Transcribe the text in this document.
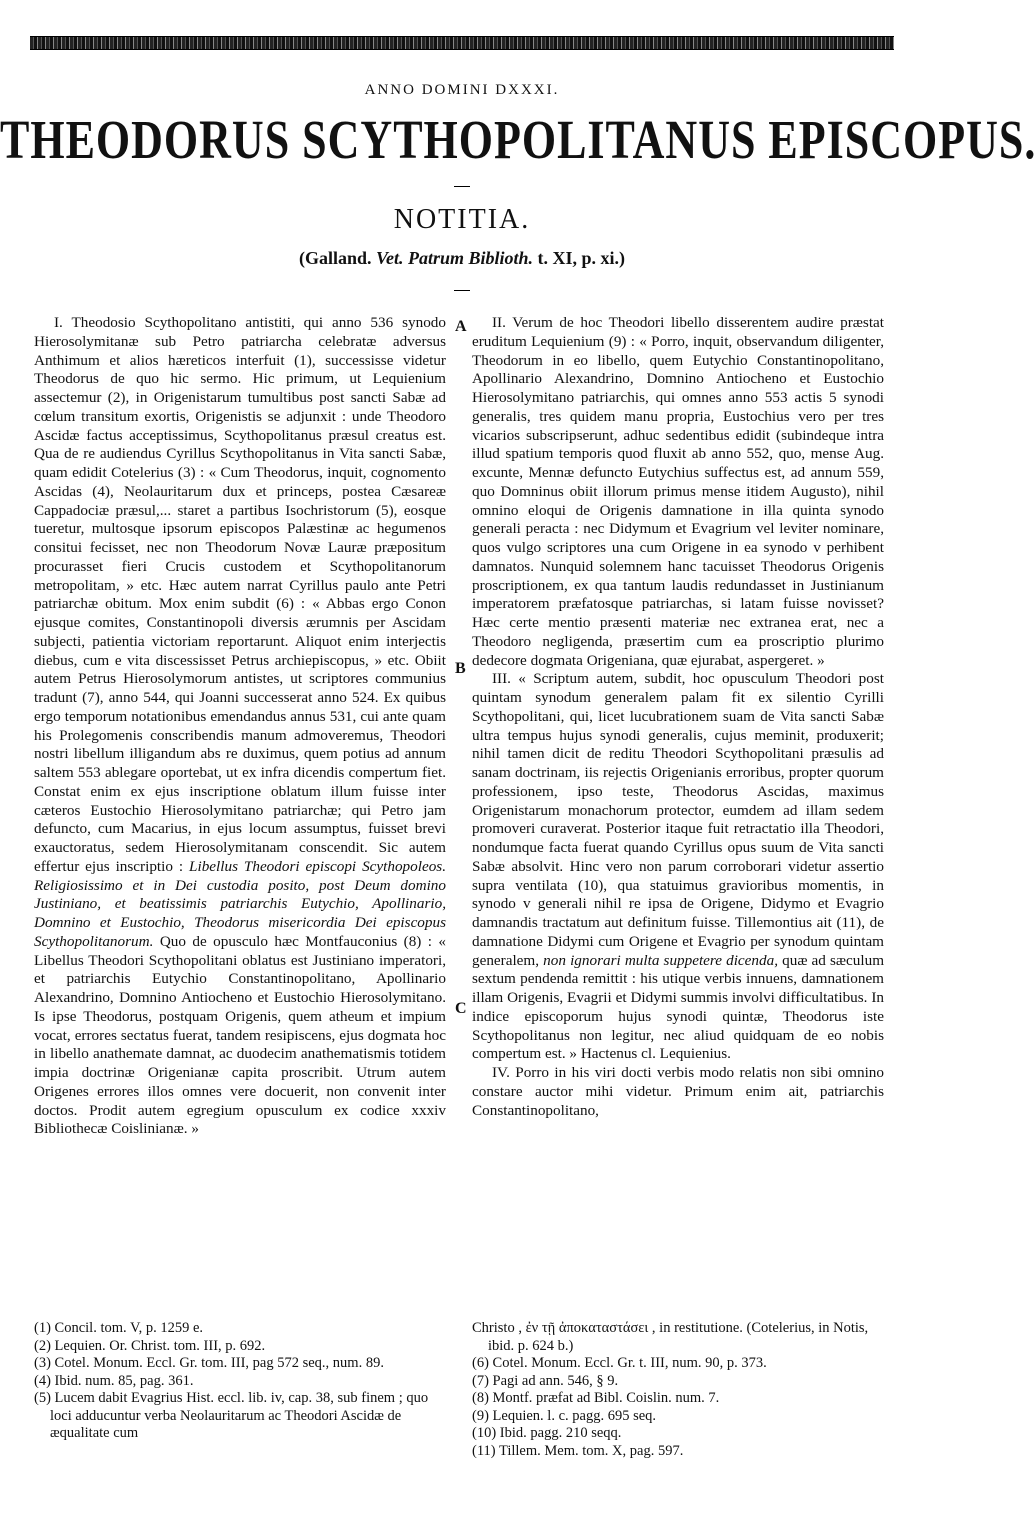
ANNO DOMINI DXXXI.
THEODORUS SCYTHOPOLITANUS EPISCOPUS.
NOTITIA.
(Galland. Vet. Patrum Biblioth. t. XI, p. xi.)

I. Theodosio Scythopolitano antistiti, qui anno 536 synodo Hierosolymitanæ sub Petro patriarcha celebratæ adversus Anthimum et alios hæreticos interfuit (1), successisse videtur Theodorus de quo hic sermo. Hic primum, ut Lequienium assectemur (2), in Origenistarum tumultibus post sancti Sabæ ad cœlum transitum exortis, Origenistis se adjunxit : unde Theodoro Ascidæ factus acceptissimus, Scythopolitanus præsul creatus est. Qua de re audiendus Cyrillus Scythopolitanus in Vita sancti Sabæ, quam edidit Cotelerius (3) : « Cum Theodorus, inquit, cognomento Ascidas (4), Neolauritarum dux et princeps, postea Cæsareæ Cappadociæ præsul,... staret a partibus Isochristorum (5), eosque tueretur, multosque ipsorum episcopos Palæstinæ ac hegumenos consitui fecisset, nec non Theodorum Novæ Lauræ præpositum procurasset fieri Crucis custodem et Scythopolitanorum metropolitam, » etc. Hæc autem narrat Cyrillus paulo ante Petri patriarchæ obitum. Mox enim subdit (6) : « Abbas ergo Conon ejusque comites, Constantinopoli diversis ærumnis per Ascidam subjecti, patientia victoriam reportarunt. Aliquot enim interjectis diebus, cum e vita discessisset Petrus archiepiscopus, » etc. Obiit autem Petrus Hierosolymorum antistes, ut scriptores communius tradunt (7), anno 544, qui Joanni successerat anno 524. Ex quibus ergo temporum notationibus emendandus annus 531, cui ante quam his Prolegomenis conscribendis manum admoveremus, Theodori nostri libellum illigandum abs re duximus, quem potius ad annum saltem 553 ablegare oportebat, ut ex infra dicendis compertum fiet. Constat enim ex ejus inscriptione oblatum illum fuisse inter cæteros Eustochio Hierosolymitano patriarchæ; qui Petro jam defuncto, cum Macarius, in ejus locum assumptus, fuisset brevi exauctoratus, sedem Hierosolymitanam conscendit. Sic autem effertur ejus inscriptio : Libellus Theodori episcopi Scythopoleos. Religiosissimo et in Dei custodia posito, post Deum domino Justiniano, et beatissimis patriarchis Eutychio, Apollinario, Domnino et Eustochio, Theodorus misericordia Dei episcopus Scythopolitanorum. Quo de opusculo hæc Montfauconius (8) : « Libellus Theodori Scythopolitani oblatus est Justiniano imperatori, et patriarchis Eutychio Constantinopolitano, Apollinario Alexandrino, Domnino Antiocheno et Eustochio Hierosolymitano. Is ipse Theodorus, postquam Origenis, quem atheum et impium vocat, errores sectatus fuerat, tandem resipiscens, ejus dogmata hoc in libello anathemate damnat, ac duodecim anathematismis totidem impia doctrinæ Origenianæ capita proscribit. Utrum autem Origenes errores illos omnes vere docuerit, non convenit inter doctos. Prodit autem egregium opusculum ex codice xxxiv Bibliothecæ Coislinianæ. »

A
B
C

II. Verum de hoc Theodori libello disserentem audire præstat eruditum Lequienium (9) : « Porro, inquit, observandum diligenter, Theodorum in eo libello, quem Eutychio Constantinopolitano, Apollinario Alexandrino, Domnino Antiocheno et Eustochio Hierosolymitano patriarchis, qui omnes anno 553 actis 5 synodi generalis, tres quidem manu propria, Eustochius vero per tres vicarios subscripserunt, adhuc sedentibus edidit (subindeque intra illud spatium temporis quod fluxit ab anno 552, quo, mense Aug. excunte, Mennæ defuncto Eutychius suffectus est, ad annum 559, quo Domninus obiit illorum primus mense itidem Augusto), nihil omnino eloqui de Origenis damnatione in illa quinta synodo generali peracta : nec Didymum et Evagrium vel leviter nominare, quos vulgo scriptores una cum Origene in ea synodo v perhibent damnatos. Nunquid solemnem hanc tacuisset Theodorus Origenis proscriptionem, ex qua tantum laudis redundasset in Justinianum imperatorem præfatosque patriarchas, si latam fuisse novisset? Hæc certe mentio præsenti materiæ nec extranea erat, nec a Theodoro negligenda, præsertim cum ea proscriptio plurimo dedecore dogmata Origeniana, quæ ejurabat, aspergeret. »

III. « Scriptum autem, subdit, hoc opusculum Theodori post quintam synodum generalem palam fit ex silentio Cyrilli Scythopolitani, qui, licet lucubrationem suam de Vita sancti Sabæ ultra tempus hujus synodi generalis, cujus meminit, produxerit; nihil tamen dicit de reditu Theodori Scythopolitani præsulis ad sanam doctrinam, iis rejectis Origenianis erroribus, propter quorum professionem, ipso teste, Theodorus Ascidas, maximus Origenistarum monachorum protector, eumdem ad illam sedem promoveri curaverat. Posterior itaque fuit retractatio illa Theodori, nondumque facta fuerat quando Cyrillus opus suum de Vita sancti Sabæ absolvit. Hinc vero non parum corroborari videtur assertio supra ventilata (10), qua statuimus gravioribus momentis, in synodo v generali nihil re ipsa de Origene, Didymo et Evagrio damnandis tractatum aut definitum fuisse. Tillemontius ait (11), de damnatione Didymi cum Origene et Evagrio per synodum quintam generalem, non ignorari multa suppetere dicenda, quæ ad sæculum sextum pendenda remittit : his utique verbis innuens, damnationem illam Origenis, Evagrii et Didymi summis involvi difficultatibus. In indice episcoporum hujus synodi quintæ, Theodorus iste Scythopolitanus non legitur, nec aliud quidquam de eo nobis compertum est. » Hactenus cl. Lequienius.

IV. Porro in his viri docti verbis modo relatis non sibi omnino constare auctor mihi videtur. Primum enim ait, patriarchis Constantinopolitano,

(1) Concil. tom. V, p. 1259 e.
(2) Lequien. Or. Christ. tom. III, p. 692.
(3) Cotel. Monum. Eccl. Gr. tom. III, pag 572 seq., num. 89.
(4) Ibid. num. 85, pag. 361.
(5) Lucem dabit Evagrius Hist. eccl. lib. iv, cap. 38, sub finem ; quo loci adducuntur verba Neolauritarum ac Theodori Ascidæ de æqualitate cum
Christo , ἐν τῇ ἀποκαταστάσει , in restitutione. (Cotelerius, in Notis, ibid. p. 624 b.)
(6) Cotel. Monum. Eccl. Gr. t. III, num. 90, p. 373.
(7) Pagi ad ann. 546, § 9.
(8) Montf. præfat ad Bibl. Coislin. num. 7.
(9) Lequien. l. c. pagg. 695 seq.
(10) Ibid. pagg. 210 seqq.
(11) Tillem. Mem. tom. X, pag. 597.
